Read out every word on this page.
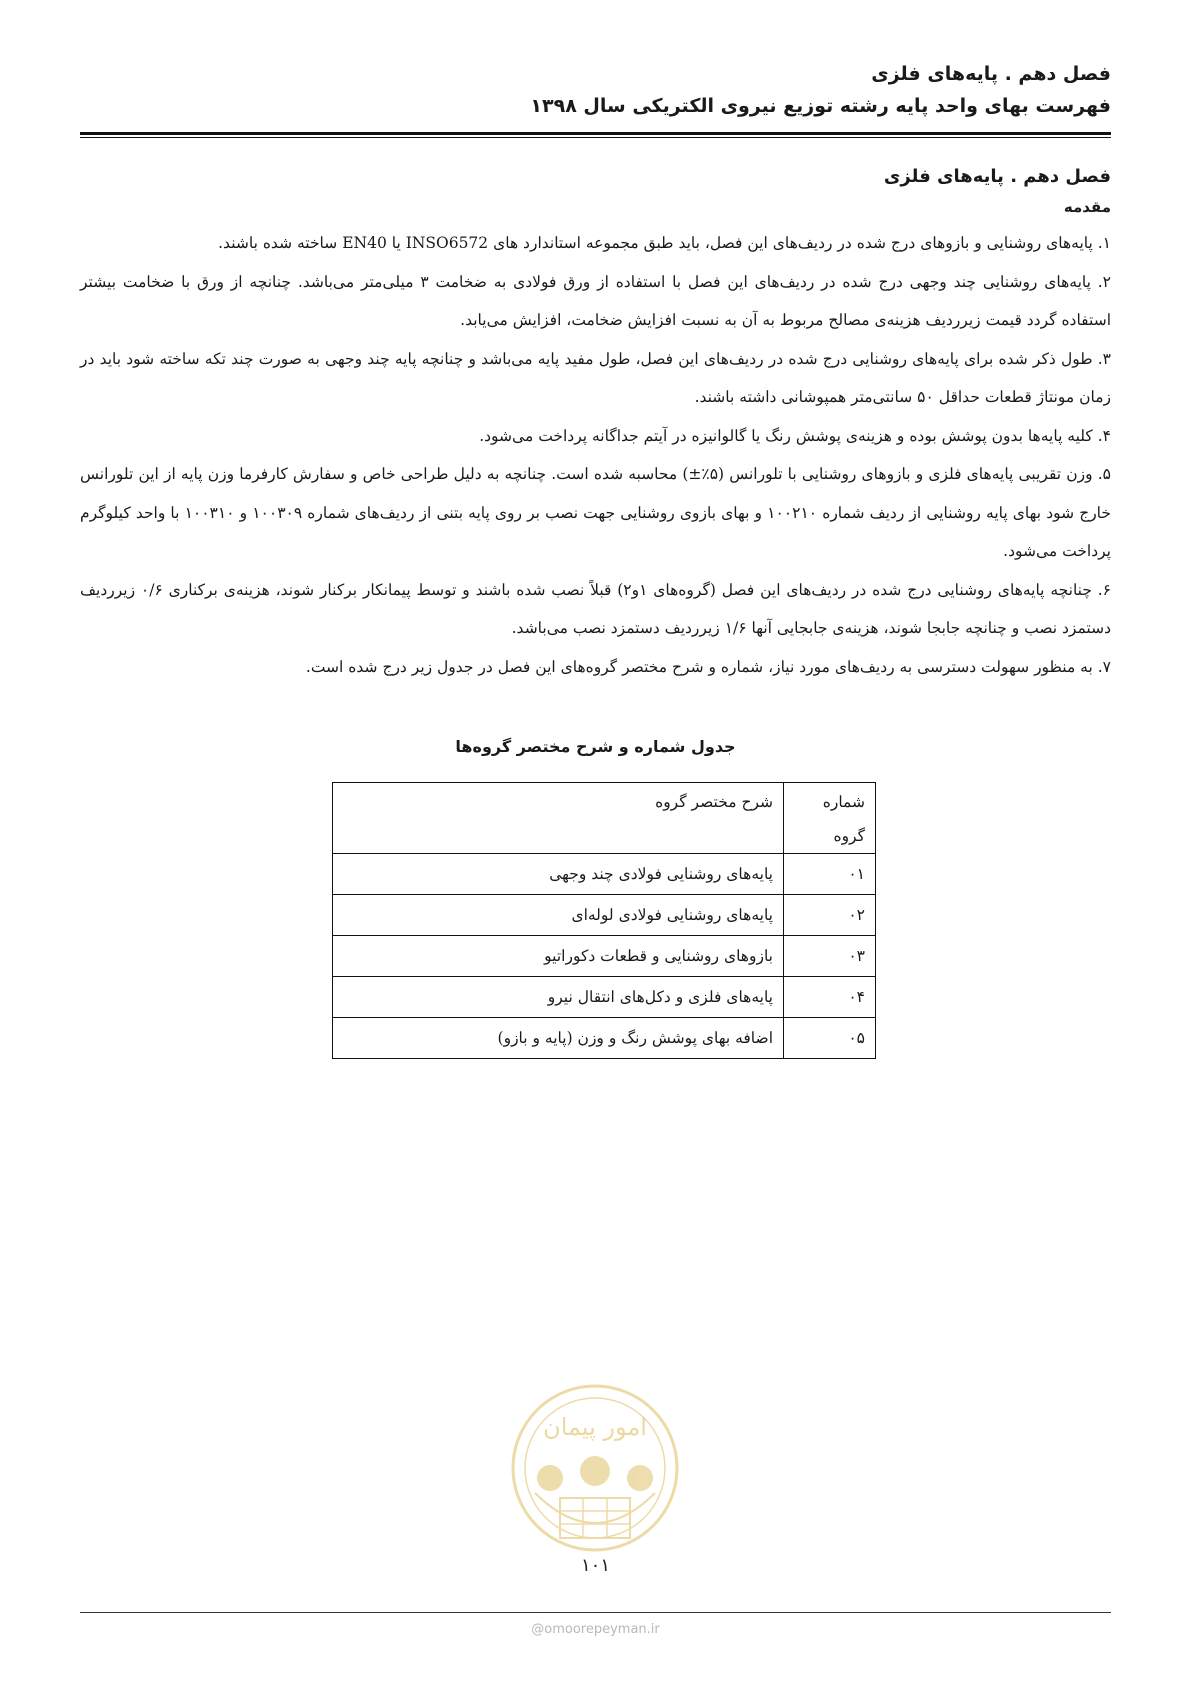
فصل دهم . پایه‌های فلزی
فهرست بهای واحد پایه رشته توزیع نیروی الکتریکی سال ۱۳۹۸
فصل دهم . پایه‌های فلزی
مقدمه
۱. پایه‌های روشنایی و بازوهای درج شده در ردیف‌های این فصل، باید طبق مجموعه استاندارد های INSO6572 یا EN40 ساخته شده باشند.
۲. پایه‌های روشنایی چند وجهی درج شده در ردیف‌های این فصل با استفاده از ورق فولادی به ضخامت ۳ میلی‌متر می‌باشد. چنانچه از ورق با ضخامت بیشتر استفاده گردد قیمت زیرردیف هزینه‌ی مصالح مربوط به آن به نسبت افزایش ضخامت، افزایش می‌یابد.
۳. طول ذکر شده برای پایه‌های روشنایی درج شده در ردیف‌های این فصل، طول مفید پایه می‌باشد و چنانچه پایه چند وجهی به صورت چند تکه ساخته شود باید در زمان مونتاژ قطعات حداقل ۵۰ سانتی‌متر همپوشانی داشته باشند.
۴. کلیه پایه‌ها بدون پوشش بوده و هزینه‌ی پوشش رنگ یا گالوانیزه در آیتم جداگانه پرداخت می‌شود.
۵. وزن تقریبی پایه‌های فلزی و بازوهای روشنایی با تلورانس (۵٪±) محاسبه شده است. چنانچه به دلیل طراحی خاص و سفارش کارفرما وزن پایه از این تلورانس خارج شود بهای پایه روشنایی از ردیف شماره ۱۰۰۲۱۰ و بهای بازوی روشنایی جهت نصب بر روی پایه بتنی از ردیف‌های شماره ۱۰۰۳۰۹ و ۱۰۰۳۱۰ با واحد کیلوگرم پرداخت می‌شود.
۶. چنانچه پایه‌های روشنایی درج شده در ردیف‌های این فصل (گروه‌های ۱و۲) قبلاً نصب شده باشند و توسط پیمانکار برکنار شوند، هزینه‌ی برکناری ۰/۶ زیرردیف دستمزد نصب و چنانچه جابجا شوند، هزینه‌ی جابجایی آنها ۱/۶ زیرردیف دستمزد نصب می‌باشد.
۷. به منظور سهولت دسترسی به ردیف‌های مورد نیاز، شماره و شرح مختصر گروه‌های این فصل در جدول زیر درج شده است.
جدول شماره و شرح مختصر گروه‌ها
شماره
گروه	شرح مختصر گروه
۰۱	پایه‌های روشنایی فولادی چند وجهی
۰۲	پایه‌های روشنایی فولادی لوله‌ای
۰۳	بازوهای روشنایی و قطعات دکوراتیو
۰۴	پایه‌های فلزی و دکل‌های انتقال نیرو
۰۵	اضافه بهای پوشش رنگ و وزن (پایه و بازو)
امور پیمان
۱۰۱
@omoorepeyman.ir
